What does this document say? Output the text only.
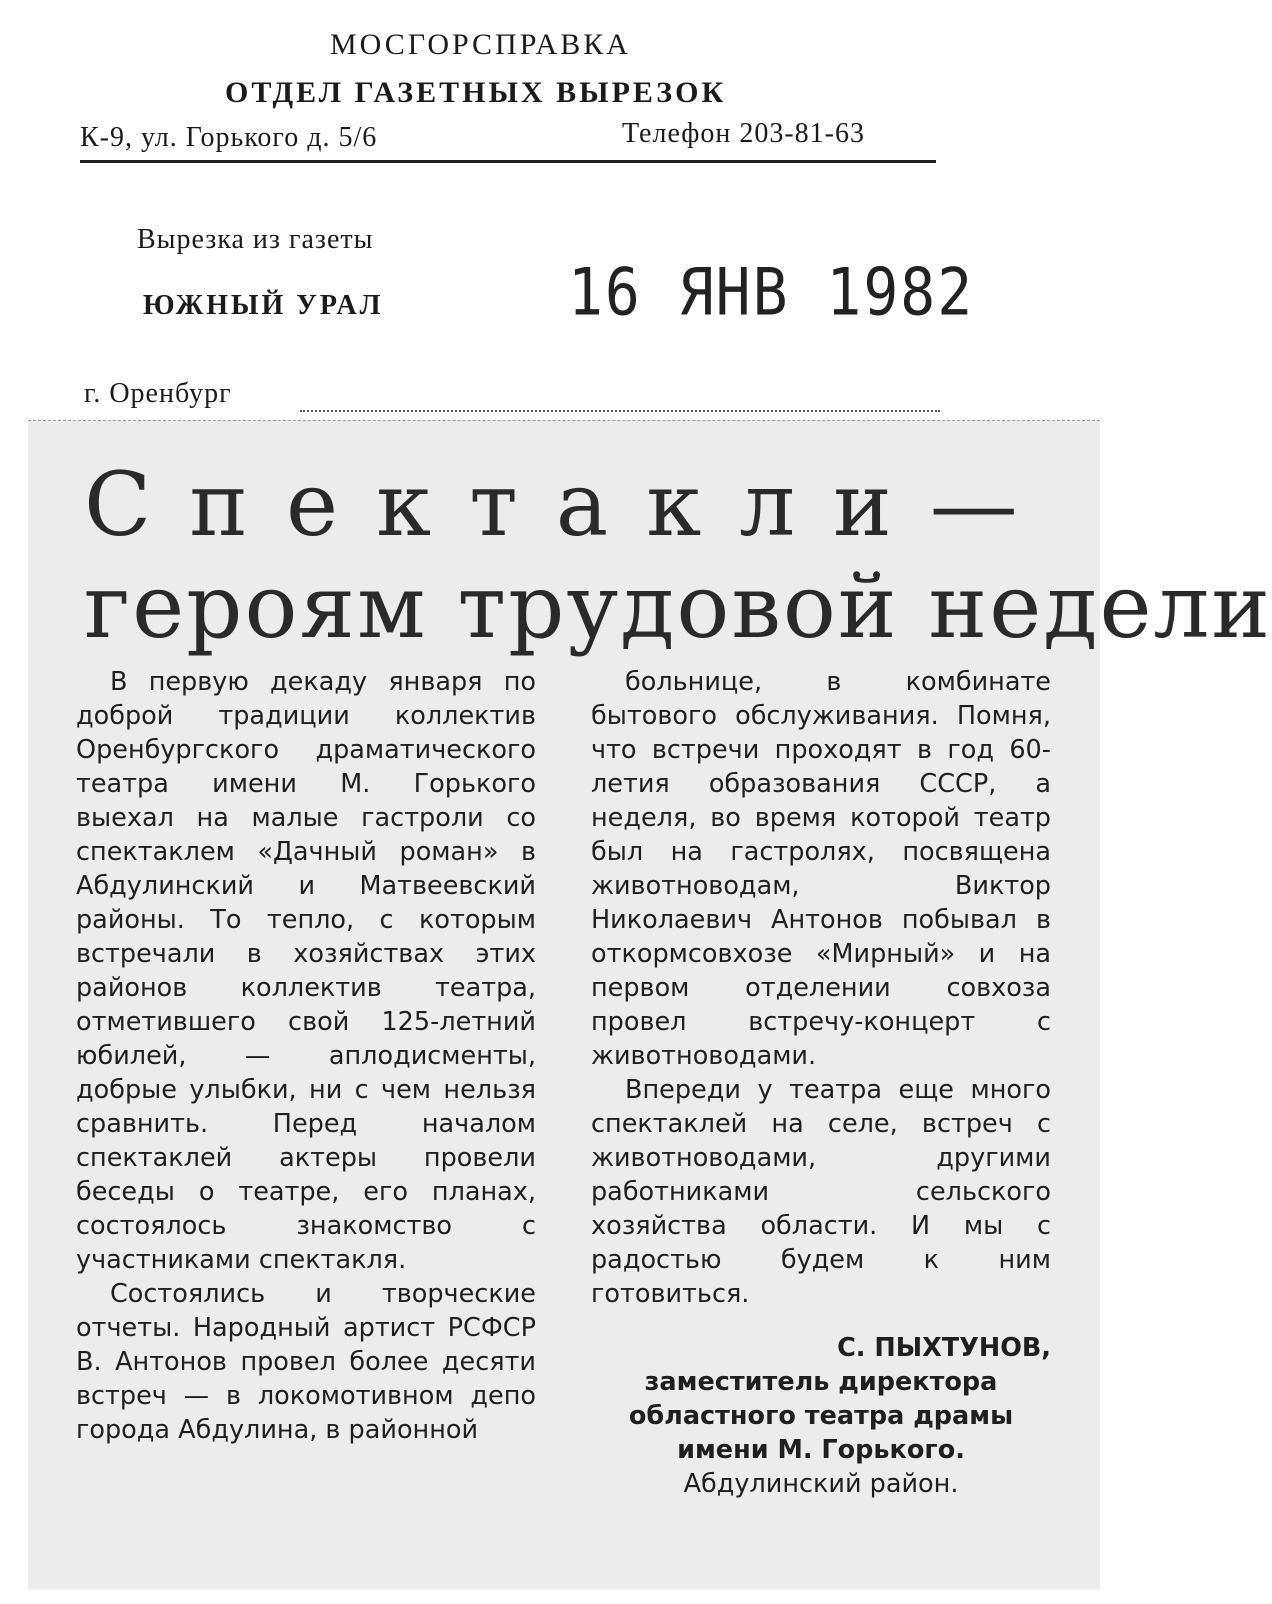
МОСГОРСПРАВКА
ОТДЕЛ ГАЗЕТНЫХ ВЫРЕЗОК
К-9, ул. Горького д. 5/6	Телефон 203-81-63
Вырезка из газеты
ЮЖНЫЙ УРАЛ	16 ЯНВ 1982
г. Оренбург
Спектакли—
героям трудовой недели

В первую декаду января по доброй традиции коллектив Оренбургского драматического театра имени М. Горького выехал на малые гастроли со спектаклем «Дачный роман» в Абдулинский и Матвеевский районы. То тепло, с которым встречали в хозяйствах этих районов коллектив театра, отметившего свой 125-летний юбилей, — аплодисменты, добрые улыбки, ни с чем нельзя сравнить. Перед началом спектаклей актеры провели беседы о театре, его планах, состоялось знакомство с участниками спектакля.

Состоялись и творческие отчеты. Народный артист РСФСР В. Антонов провел более десяти встреч — в локомотивном депо города Абдулина, в районной

больнице, в комбинате бытового обслуживания. Помня, что встречи проходят в год 60-летия образования СССР, а неделя, во время которой театр был на гастролях, посвящена животноводам, Виктор Николаевич Антонов побывал в откормсовхозе «Мирный» и на первом отделении совхоза провел встречу-концерт с животноводами.

Впереди у театра еще много спектаклей на селе, встреч с животноводами, другими работниками сельского хозяйства области. И мы с радостью будем к ним готовиться.

С. ПЫХТУНОВ,
заместитель директора областного театра драмы имени М. Горького.
Абдулинский район.
